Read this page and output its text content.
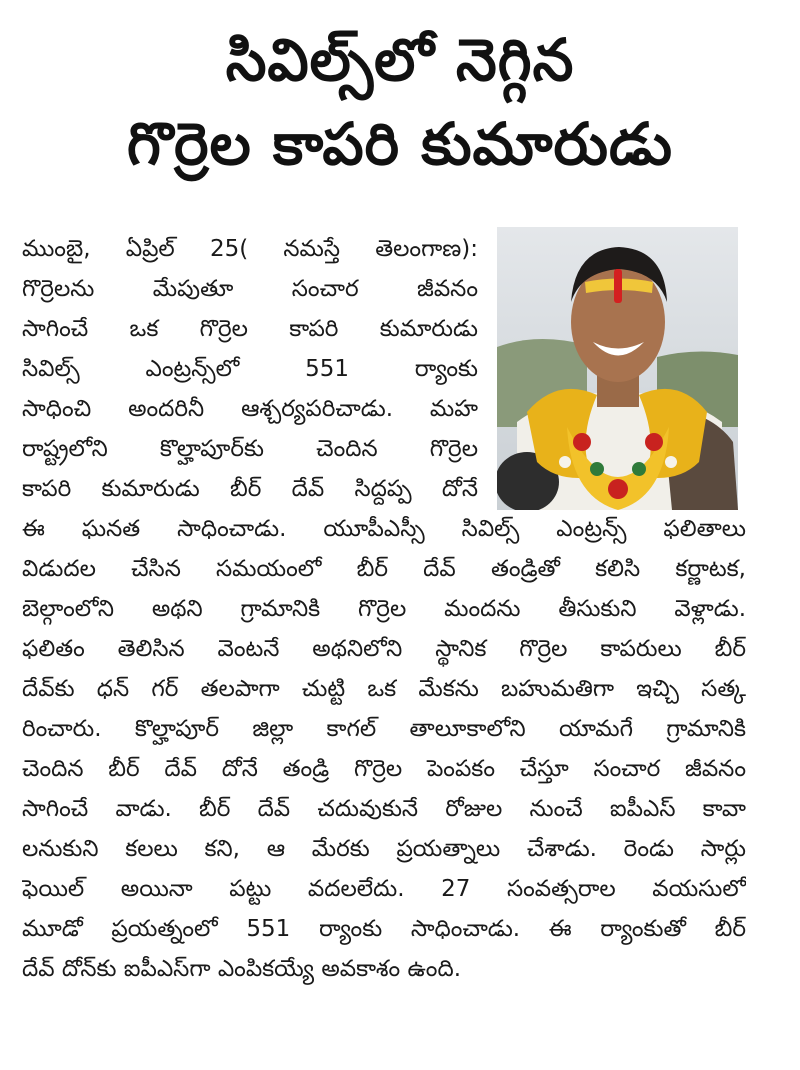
సివిల్స్‌లో నెగ్గిన
గొర్రెల కాపరి కుమారుడు
ముంబై, ఏప్రిల్ 25( నమస్తే తెలంగాణ):
గొర్రెలను మేపుతూ సంచార జీవనం
సాగించే ఒక గొర్రెల కాపరి కుమారుడు
సివిల్స్ ఎంట్రన్స్‌లో 551 ర్యాంకు
సాధించి అందరినీ ఆశ్చర్యపరిచాడు. మహ
రాష్ట్రలోని కొల్హాపూర్‌కు చెందిన గొర్రెల
కాపరి కుమారుడు బీర్ దేవ్ సిద్దప్ప దోనే
ఈ ఘనత సాధించాడు. యూపీఎస్సీ సివిల్స్ ఎంట్రన్స్ ఫలితాలు
విడుదల చేసిన సమయంలో బీర్ దేవ్ తండ్రితో కలిసి కర్ణాటక,
బెల్గాంలోని అథని గ్రామానికి గొర్రెల మందను తీసుకుని వెళ్లాడు.
ఫలితం తెలిసిన వెంటనే అథనిలోని స్థానిక గొర్రెల కాపరులు బీర్
దేవ్‌కు ధన్ గర్ తలపాగా చుట్టి ఒక మేకను బహుమతిగా ఇచ్చి సత్క
రించారు. కొల్హాపూర్ జిల్లా కాగల్ తాలూకాలోని యామగే గ్రామానికి
చెందిన బీర్ దేవ్ దోనే తండ్రి గొర్రెల పెంపకం చేస్తూ సంచార జీవనం
సాగించే వాడు. బీర్ దేవ్ చదువుకునే రోజుల నుంచే ఐపీఎస్ కావా
లనుకుని కలలు కని, ఆ మేరకు ప్రయత్నాలు చేశాడు. రెండు సార్లు
ఫెయిల్ అయినా పట్టు వదలలేదు. 27 సంవత్సరాల వయసులో
మూడో ప్రయత్నంలో 551 ర్యాంకు సాధించాడు. ఈ ర్యాంకుతో బీర్
దేవ్ దోన్‌కు ఐపీఎస్‌గా ఎంపికయ్యే అవకాశం ఉంది.
